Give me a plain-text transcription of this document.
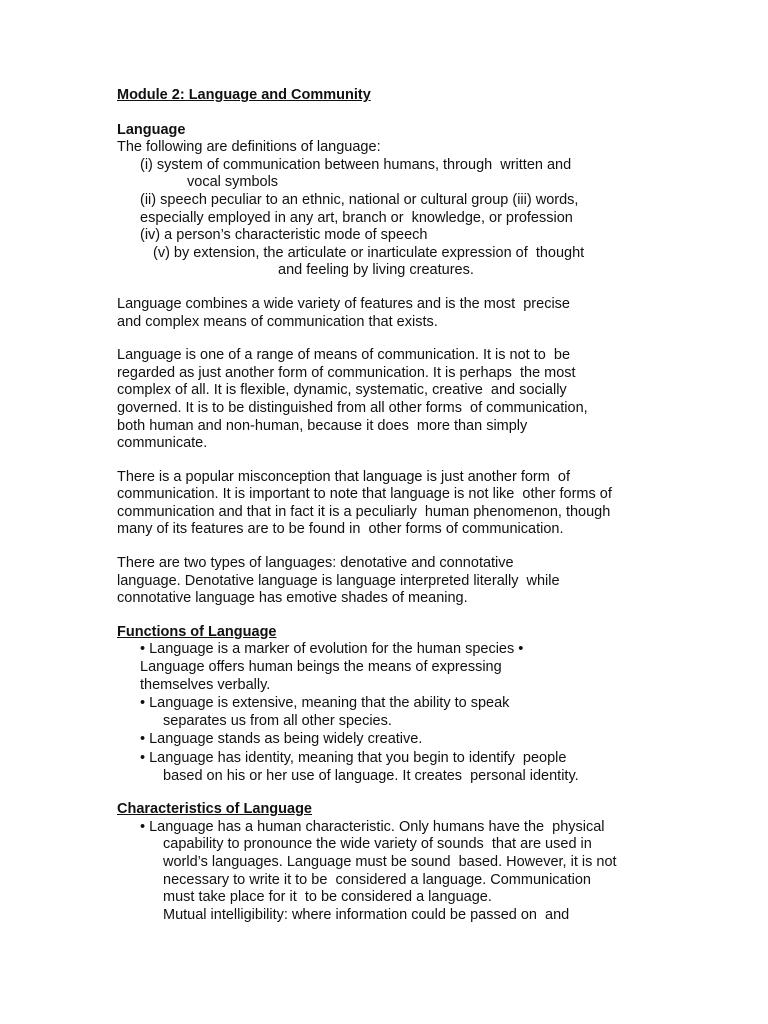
Module 2: Language and Community
Language
The following are definitions of language:
(i) system of communication between humans, through  written and
vocal symbols
(ii) speech peculiar to an ethnic, national or cultural group (iii) words,
especially employed in any art, branch or  knowledge, or profession
(iv) a person’s characteristic mode of speech
(v) by extension, the articulate or inarticulate expression of  thought
and feeling by living creatures.
Language combines a wide variety of features and is the most  precise
and complex means of communication that exists.
Language is one of a range of means of communication. It is not to  be
regarded as just another form of communication. It is perhaps  the most
complex of all. It is flexible, dynamic, systematic, creative  and socially
governed. It is to be distinguished from all other forms  of communication,
both human and non-human, because it does  more than simply
communicate.
There is a popular misconception that language is just another form  of
communication. It is important to note that language is not like  other forms of
communication and that in fact it is a peculiarly  human phenomenon, though
many of its features are to be found in  other forms of communication.
There are two types of languages: denotative and connotative
language. Denotative language is language interpreted literally  while
connotative language has emotive shades of meaning.
Functions of Language
• Language is a marker of evolution for the human species •
Language offers human beings the means of expressing
themselves verbally.
• Language is extensive, meaning that the ability to speak
separates us from all other species.
• Language stands as being widely creative.
• Language has identity, meaning that you begin to identify  people
based on his or her use of language. It creates  personal identity.
Characteristics of Language
• Language has a human characteristic. Only humans have the  physical
capability to pronounce the wide variety of sounds  that are used in
world’s languages. Language must be sound  based. However, it is not
necessary to write it to be  considered a language. Communication
must take place for it  to be considered a language.
Mutual intelligibility: where information could be passed on  and
